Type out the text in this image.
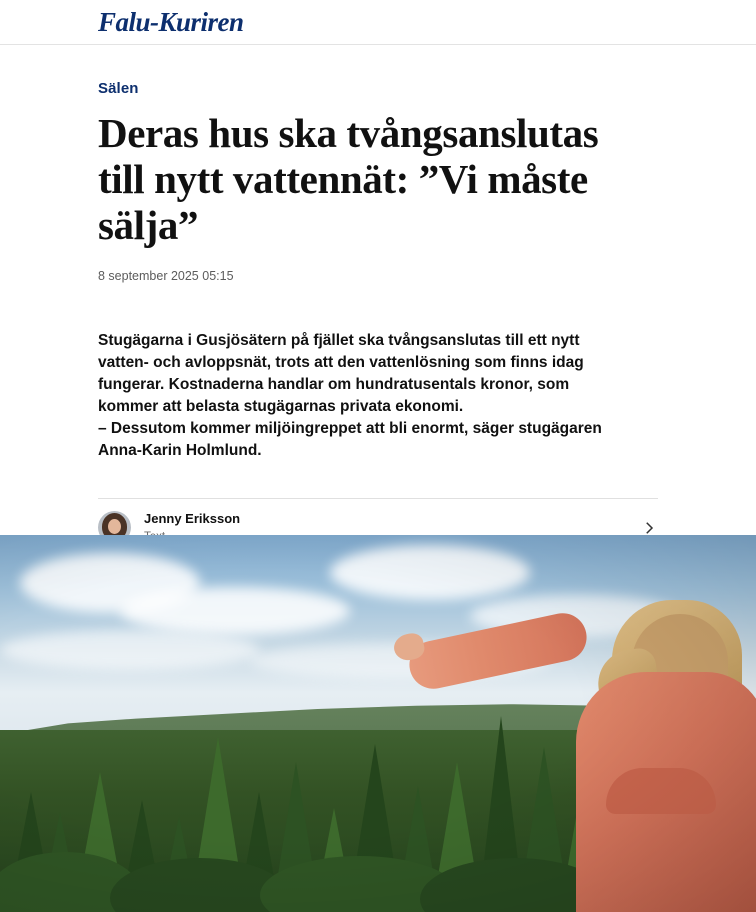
Falu-Kuriren
Sälen
Deras hus ska tvångsanslutas till nytt vattennät: ”Vi måste sälja”
8 september 2025 05:15

Stugägarna i Gusjösätern på fjället ska tvångsanslutas till ett nytt vatten- och avloppsnät, trots att den vattenlösning som finns idag fungerar. Kostnaderna handlar om hundratusentals kronor, som kommer att belasta stugägarnas privata ekonomi.

– Dessutom kommer miljöingreppet att bli enormt, säger stugägaren Anna-Karin Holmlund.

Jenny Eriksson
